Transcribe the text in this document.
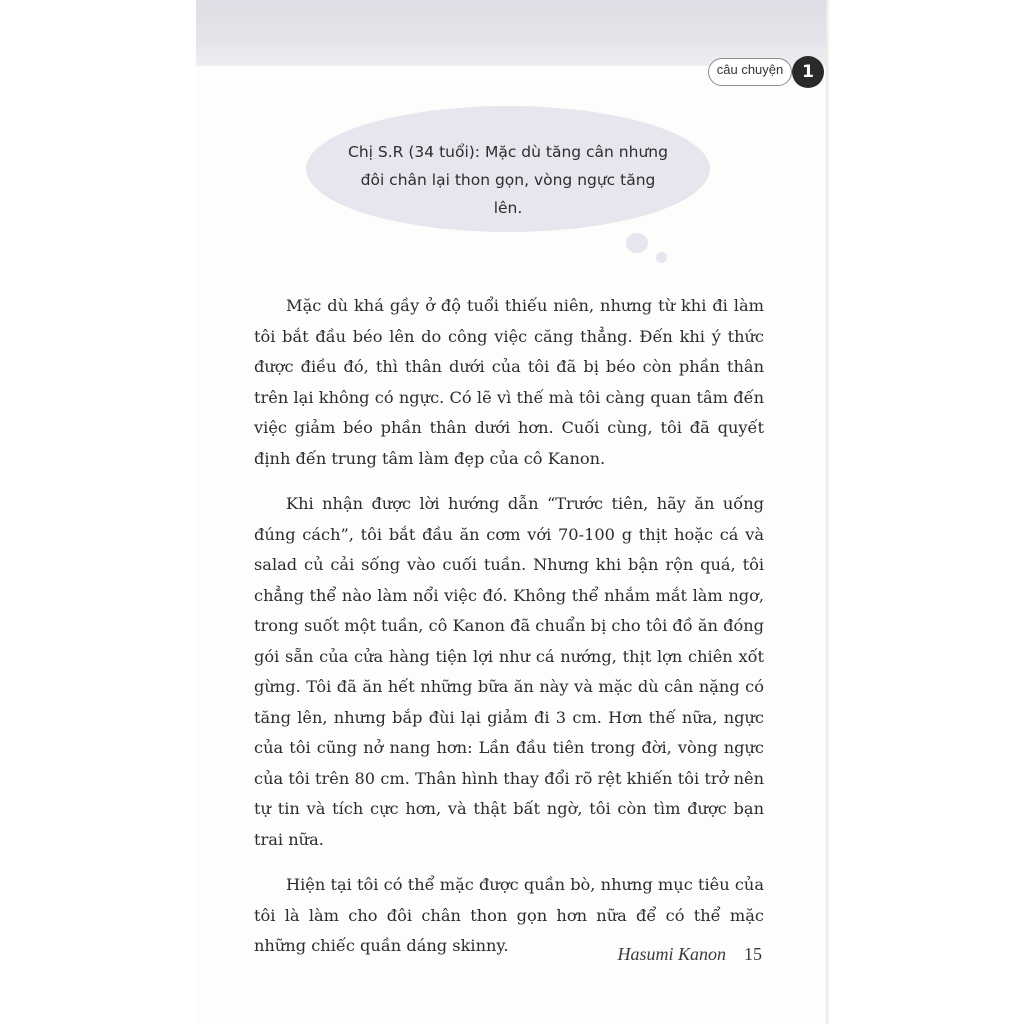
câu chuyện	1
Chị S.R (34 tuổi): Mặc dù tăng cân nhưng đôi chân lại thon gọn, vòng ngực tăng lên.

Mặc dù khá gầy ở độ tuổi thiếu niên, nhưng từ khi đi làm tôi bắt đầu béo lên do công việc căng thẳng. Đến khi ý thức được điều đó, thì thân dưới của tôi đã bị béo còn phần thân trên lại không có ngực. Có lẽ vì thế mà tôi càng quan tâm đến việc giảm béo phần thân dưới hơn. Cuối cùng, tôi đã quyết định đến trung tâm làm đẹp của cô Kanon.

Khi nhận được lời hướng dẫn “Trước tiên, hãy ăn uống đúng cách”, tôi bắt đầu ăn cơm với 70-100 g thịt hoặc cá và salad củ cải sống vào cuối tuần. Nhưng khi bận rộn quá, tôi chẳng thể nào làm nổi việc đó. Không thể nhắm mắt làm ngơ, trong suốt một tuần, cô Kanon đã chuẩn bị cho tôi đồ ăn đóng gói sẵn của cửa hàng tiện lợi như cá nướng, thịt lợn chiên xốt gừng. Tôi đã ăn hết những bữa ăn này và mặc dù cân nặng có tăng lên, nhưng bắp đùi lại giảm đi 3 cm. Hơn thế nữa, ngực của tôi cũng nở nang hơn: Lần đầu tiên trong đời, vòng ngực của tôi trên 80 cm. Thân hình thay đổi rõ rệt khiến tôi trở nên tự tin và tích cực hơn, và thật bất ngờ, tôi còn tìm được bạn trai nữa.

Hiện tại tôi có thể mặc được quần bò, nhưng mục tiêu của tôi là làm cho đôi chân thon gọn hơn nữa để có thể mặc những chiếc quần dáng skinny.	Hasumi Kanon 15
